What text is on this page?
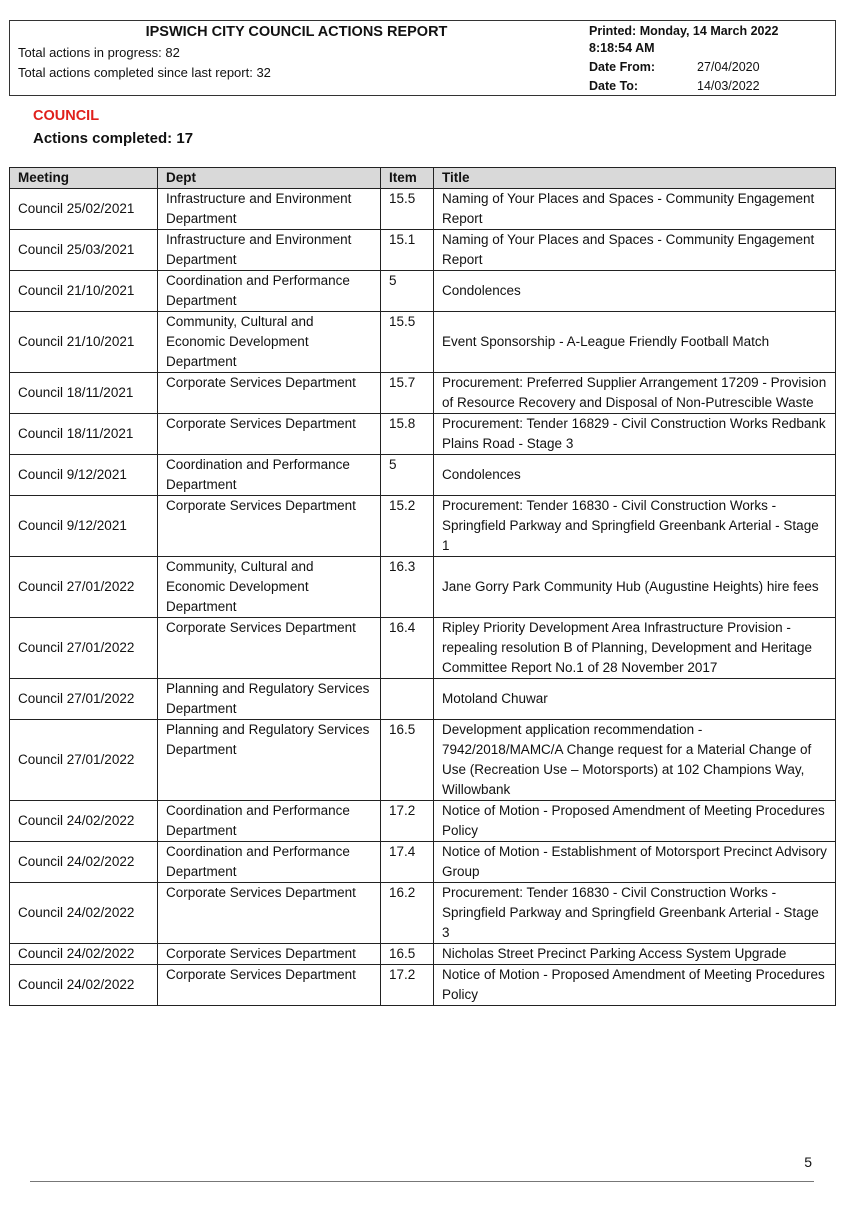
IPSWICH CITY COUNCIL ACTIONS REPORT
Total actions in progress: 82
Total actions completed since last report: 32
Printed: Monday, 14 March 2022
8:18:54 AM
Date From:	27/04/2020
Date To:	14/03/2022
COUNCIL
Actions completed: 17
Meeting	Dept	Item	Title
Council 25/02/2021	Infrastructure and Environment Department	15.5	Naming of Your Places and Spaces - Community Engagement Report
Council 25/03/2021	Infrastructure and Environment Department	15.1	Naming of Your Places and Spaces - Community Engagement Report
Council 21/10/2021	Coordination and Performance Department	5	Condolences
Council 21/10/2021	Community, Cultural and Economic Development Department	15.5	Event Sponsorship - A-League Friendly Football Match
Council 18/11/2021	Corporate Services Department	15.7	Procurement: Preferred Supplier Arrangement 17209 - Provision of Resource Recovery and Disposal of Non-Putrescible Waste
Council 18/11/2021	Corporate Services Department	15.8	Procurement: Tender 16829 - Civil Construction Works Redbank Plains Road - Stage 3
Council 9/12/2021	Coordination and Performance Department	5	Condolences
Council 9/12/2021	Corporate Services Department	15.2	Procurement: Tender 16830 - Civil Construction Works - Springfield Parkway and Springfield Greenbank Arterial - Stage 1
Council 27/01/2022	Community, Cultural and Economic Development Department	16.3	Jane Gorry Park Community Hub (Augustine Heights) hire fees
Council 27/01/2022	Corporate Services Department	16.4	Ripley Priority Development Area Infrastructure Provision - repealing resolution B of Planning, Development and Heritage Committee Report No.1 of 28 November 2017
Council 27/01/2022	Planning and Regulatory Services Department		Motoland Chuwar
Council 27/01/2022	Planning and Regulatory Services Department	16.5	Development application recommendation - 7942/2018/MAMC/A Change request for a Material Change of Use (Recreation Use – Motorsports) at 102 Champions Way, Willowbank
Council 24/02/2022	Coordination and Performance Department	17.2	Notice of Motion - Proposed Amendment of Meeting Procedures Policy
Council 24/02/2022	Coordination and Performance Department	17.4	Notice of Motion - Establishment of Motorsport Precinct Advisory Group
Council 24/02/2022	Corporate Services Department	16.2	Procurement: Tender 16830 - Civil Construction Works - Springfield Parkway and Springfield Greenbank Arterial - Stage 3
Council 24/02/2022	Corporate Services Department	16.5	Nicholas Street Precinct Parking Access System Upgrade
Council 24/02/2022	Corporate Services Department	17.2	Notice of Motion - Proposed Amendment of Meeting Procedures Policy
5
